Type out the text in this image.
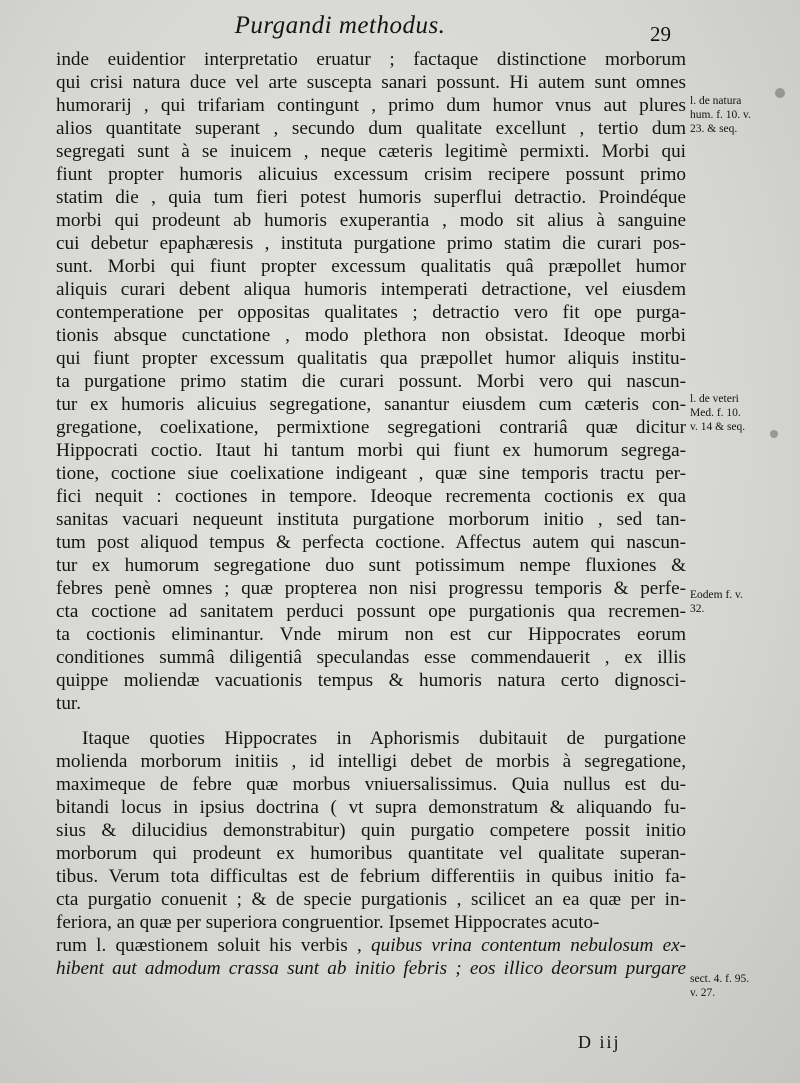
Purgandi methodus.	29
inde euidentior interpretatio eruatur ; factaque distinctione morborum
qui crisi natura duce vel arte suscepta sanari possunt. Hi autem sunt omnes
humorarij , qui trifariam contingunt , primo dum humor vnus aut plures
alios quantitate superant , secundo dum qualitate excellunt , tertio dum
segregati sunt à se inuicem , neque cæteris legitimè permixti. Morbi qui
fiunt propter humoris alicuius excessum crisim recipere possunt primo
statim die , quia tum fieri potest humoris superflui detractio. Proindéque
morbi qui prodeunt ab humoris exuperantia , modo sit alius à sanguine
cui debetur epaphæresis , instituta purgatione primo statim die curari pos-
sunt. Morbi qui fiunt propter excessum qualitatis quâ præpollet humor
aliquis curari debent aliqua humoris intemperati detractione, vel eiusdem
contemperatione per oppositas qualitates ; detractio vero fit ope purga-
tionis absque cunctatione , modo plethora non obsistat. Ideoque morbi
qui fiunt propter excessum qualitatis qua præpollet humor aliquis institu-
ta purgatione primo statim die curari possunt. Morbi vero qui nascun-
tur ex humoris alicuius segregatione, sanantur eiusdem cum cæteris con-
gregatione, coelixatione, permixtione segregationi contrariâ quæ dicitur
Hippocrati coctio. Itaut hi tantum morbi qui fiunt ex humorum segrega-
tione, coctione siue coelixatione indigeant , quæ sine temporis tractu per-
fici nequit : coctiones in tempore. Ideoque recrementa coctionis ex qua
sanitas vacuari nequeunt instituta purgatione morborum initio , sed tan-
tum post aliquod tempus & perfecta coctione. Affectus autem qui nascun-
tur ex humorum segregatione duo sunt potissimum nempe fluxiones &
febres penè omnes ; quæ propterea non nisi progressu temporis & perfe-
cta coctione ad sanitatem perduci possunt ope purgationis qua recremen-
ta coctionis eliminantur. Vnde mirum non est cur Hippocrates eorum
conditiones summâ diligentiâ speculandas esse commendauerit , ex illis
quippe moliendæ vacuationis tempus & humoris natura certo dignosci-
tur.
Itaque quoties Hippocrates in Aphorismis dubitauit de purgatione
molienda morborum initiis , id intelligi debet de morbis à segregatione,
maximeque de febre quæ morbus vniuersalissimus. Quia nullus est du-
bitandi locus in ipsius doctrina ( vt supra demonstratum & aliquando fu-
sius & dilucidius demonstrabitur) quin purgatio competere possit initio
morborum qui prodeunt ex humoribus quantitate vel qualitate superan-
tibus. Verum tota difficultas est de febrium differentiis in quibus initio fa-
cta purgatio conuenit ; & de specie purgationis , scilicet an ea quæ per in-
feriora, an quæ per superiora congruentior. Ipsemet Hippocrates acuto-
rum l. quæstionem soluit his verbis , quibus vrina contentum nebulosum ex-
hibent aut admodum crassa sunt ab initio febris ; eos illico deorsum purgare
l. de natura
hum. f. 10. v.
23. & seq.
l. de veteri
Med. f. 10.
v. 14 & seq.
Eodem f. v.
32.
sect. 4. f. 95.
v. 27.
D iij
